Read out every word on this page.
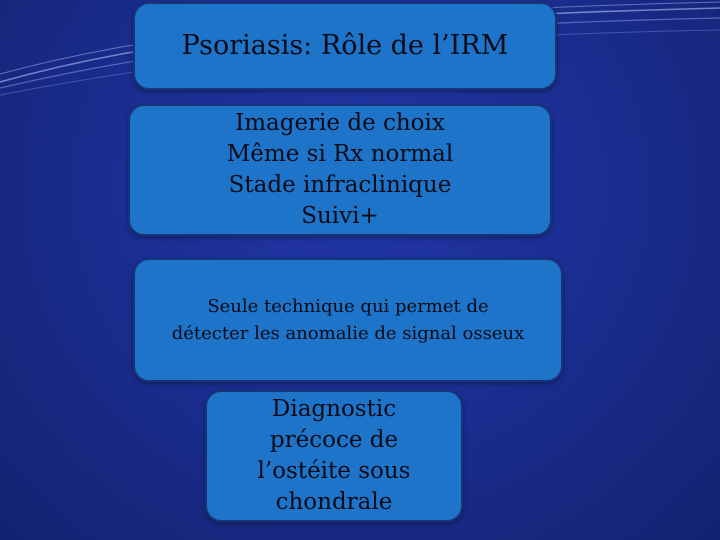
Psoriasis: Rôle de l’IRM
Imagerie de choix
Même si Rx normal
Stade infraclinique
Suivi+
Seule technique qui permet de
détecter les anomalie de signal osseux
Diagnostic
précoce de
l’ostéite sous
chondrale
